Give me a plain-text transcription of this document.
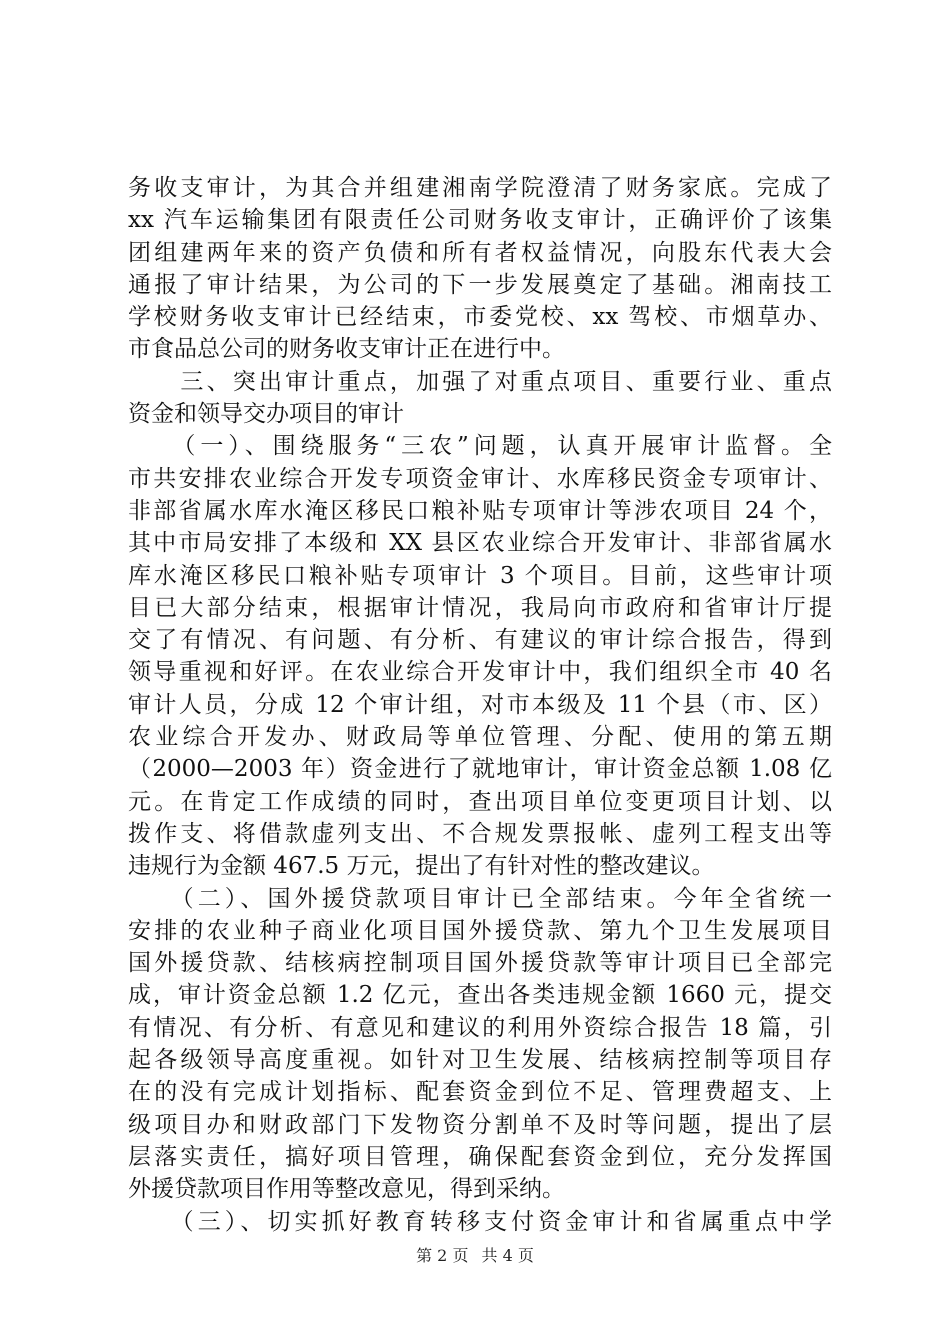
务收支审计，为其合并组建湘南学院澄清了财务家底。完成了
xx 汽车运输集团有限责任公司财务收支审计，正确评价了该集
团组建两年来的资产负债和所有者权益情况，向股东代表大会
通报了审计结果，为公司的下一步发展奠定了基础。湘南技工
学校财务收支审计已经结束，市委党校、xx 驾校、市烟草办、
市食品总公司的财务收支审计正在进行中。
　　三、突出审计重点，加强了对重点项目、重要行业、重点
资金和领导交办项目的审计
　　（一）、围绕服务“三农”问题，认真开展审计监督。全
市共安排农业综合开发专项资金审计、水库移民资金专项审计、
非部省属水库水淹区移民口粮补贴专项审计等涉农项目 24 个，
其中市局安排了本级和 XX 县区农业综合开发审计、非部省属水
库水淹区移民口粮补贴专项审计 3 个项目。目前，这些审计项
目已大部分结束，根据审计情况，我局向市政府和省审计厅提
交了有情况、有问题、有分析、有建议的审计综合报告，得到
领导重视和好评。在农业综合开发审计中，我们组织全市 40 名
审计人员，分成 12 个审计组，对市本级及 11 个县（市、区）
农业综合开发办、财政局等单位管理、分配、使用的第五期
（2000—2003 年）资金进行了就地审计，审计资金总额 1.08 亿
元。在肯定工作成绩的同时，查出项目单位变更项目计划、以
拨作支、将借款虚列支出、不合规发票报帐、虚列工程支出等
违规行为金额 467.5 万元，提出了有针对性的整改建议。
　　（二）、国外援贷款项目审计已全部结束。今年全省统一
安排的农业种子商业化项目国外援贷款、第九个卫生发展项目
国外援贷款、结核病控制项目国外援贷款等审计项目已全部完
成，审计资金总额 1.2 亿元，查出各类违规金额 1660 元，提交
有情况、有分析、有意见和建议的利用外资综合报告 18 篇，引
起各级领导高度重视。如针对卫生发展、结核病控制等项目存
在的没有完成计划指标、配套资金到位不足、管理费超支、上
级项目办和财政部门下发物资分割单不及时等问题，提出了层
层落实责任，搞好项目管理，确保配套资金到位，充分发挥国
外援贷款项目作用等整改意见，得到采纳。
　　（三）、切实抓好教育转移支付资金审计和省属重点中学
第 2 页 共 4 页
